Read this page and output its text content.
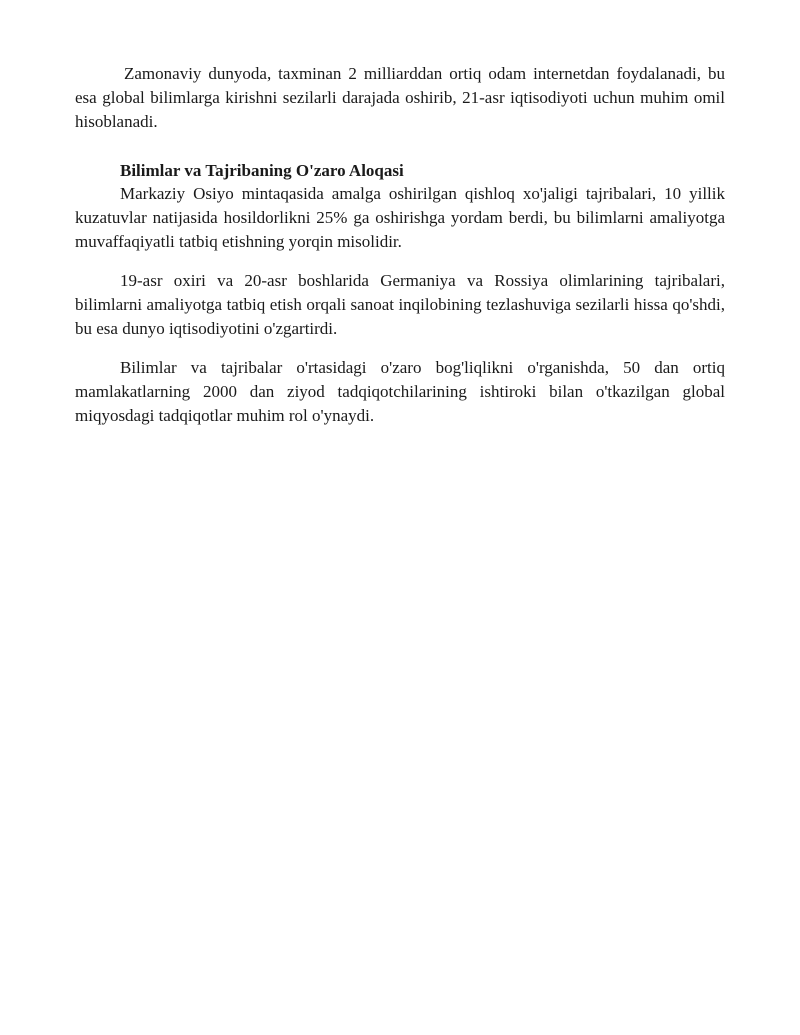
Zamonaviy dunyoda, taxminan 2 milliarddan ortiq odam internetdan foydalanadi, bu esa global bilimlarga kirishni sezilarli darajada oshirib, 21-asr iqtisodiyoti uchun muhim omil hisoblanadi.

Bilimlar va Tajribaning O'zaro Aloqasi

Markaziy Osiyo mintaqasida amalga oshirilgan qishloq xo'jaligi tajribalari, 10 yillik kuzatuvlar natijasida hosildorlikni 25% ga oshirishga yordam berdi, bu bilimlarni amaliyotga muvaffaqiyatli tatbiq etishning yorqin misolidir.

19-asr oxiri va 20-asr boshlarida Germaniya va Rossiya olimlarining tajribalari, bilimlarni amaliyotga tatbiq etish orqali sanoat inqilobining tezlashuviga sezilarli hissa qo'shdi, bu esa dunyo iqtisodiyotini o'zgartirdi.

Bilimlar va tajribalar o'rtasidagi o'zaro bog'liqlikni o'rganishda, 50 dan ortiq mamlakatlarning 2000 dan ziyod tadqiqotchilarining ishtiroki bilan o'tkazilgan global miqyosdagi tadqiqotlar muhim rol o'ynaydi.
